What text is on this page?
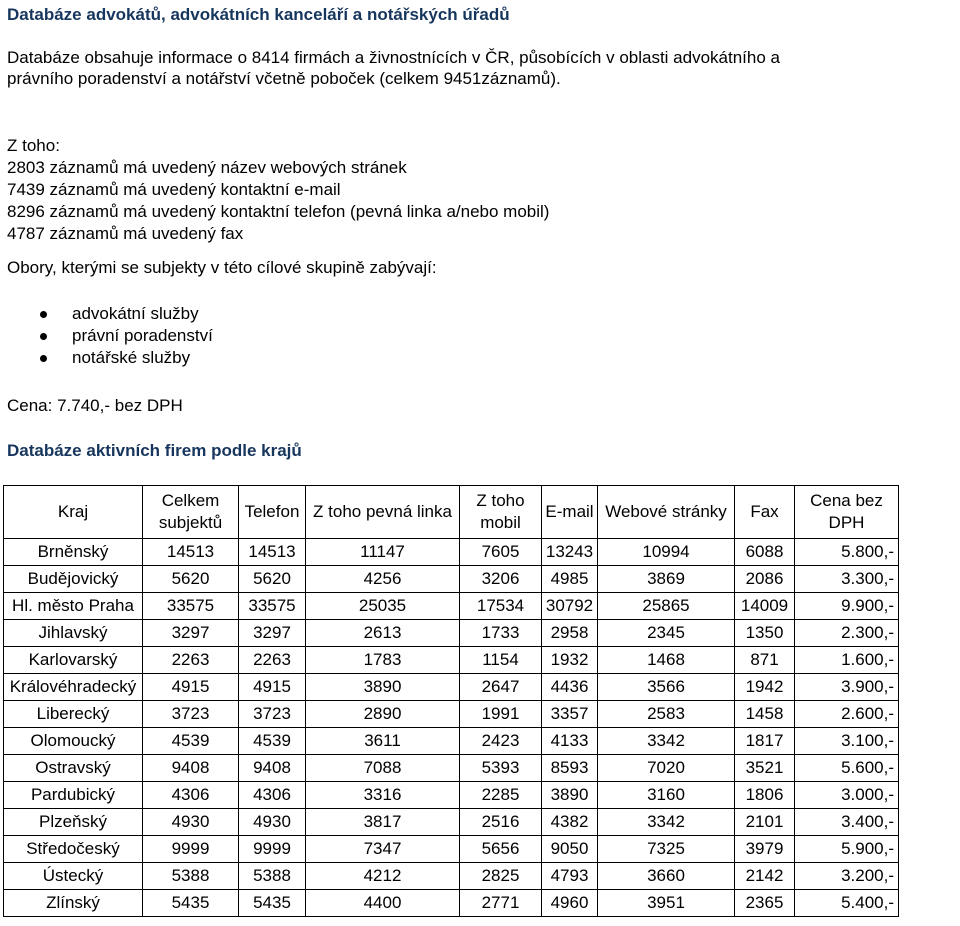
Databáze advokátů, advokátních kanceláří a notářských úřadů
Databáze obsahuje informace o 8414 firmách a živnostnících v ČR, působících v oblasti advokátního a právního poradenství a notářství včetně poboček (celkem 9451záznamů).
Z toho:
2803 záznamů má uvedený název webových stránek
7439 záznamů má uvedený kontaktní e-mail
8296 záznamů má uvedený kontaktní telefon (pevná linka a/nebo mobil)
4787 záznamů má uvedený fax
Obory, kterými se subjekty v této cílové skupině zabývají:
advokátní služby
právní poradenství
notářské služby
Cena: 7.740,- bez DPH
Databáze aktivních firem podle krajů
Kraj	Celkem subjektů	Telefon	Z toho pevná linka	Z toho mobil	E-mail	Webové stránky	Fax	Cena bez DPH
Brněnský	14513	14513	11147	7605	13243	10994	6088	5.800,-
Budějovický	5620	5620	4256	3206	4985	3869	2086	3.300,-
Hl. město Praha	33575	33575	25035	17534	30792	25865	14009	9.900,-
Jihlavský	3297	3297	2613	1733	2958	2345	1350	2.300,-
Karlovarský	2263	2263	1783	1154	1932	1468	871	1.600,-
Královéhradecký	4915	4915	3890	2647	4436	3566	1942	3.900,-
Liberecký	3723	3723	2890	1991	3357	2583	1458	2.600,-
Olomoucký	4539	4539	3611	2423	4133	3342	1817	3.100,-
Ostravský	9408	9408	7088	5393	8593	7020	3521	5.600,-
Pardubický	4306	4306	3316	2285	3890	3160	1806	3.000,-
Plzeňský	4930	4930	3817	2516	4382	3342	2101	3.400,-
Středočeský	9999	9999	7347	5656	9050	7325	3979	5.900,-
Ústecký	5388	5388	4212	2825	4793	3660	2142	3.200,-
Zlínský	5435	5435	4400	2771	4960	3951	2365	5.400,-
